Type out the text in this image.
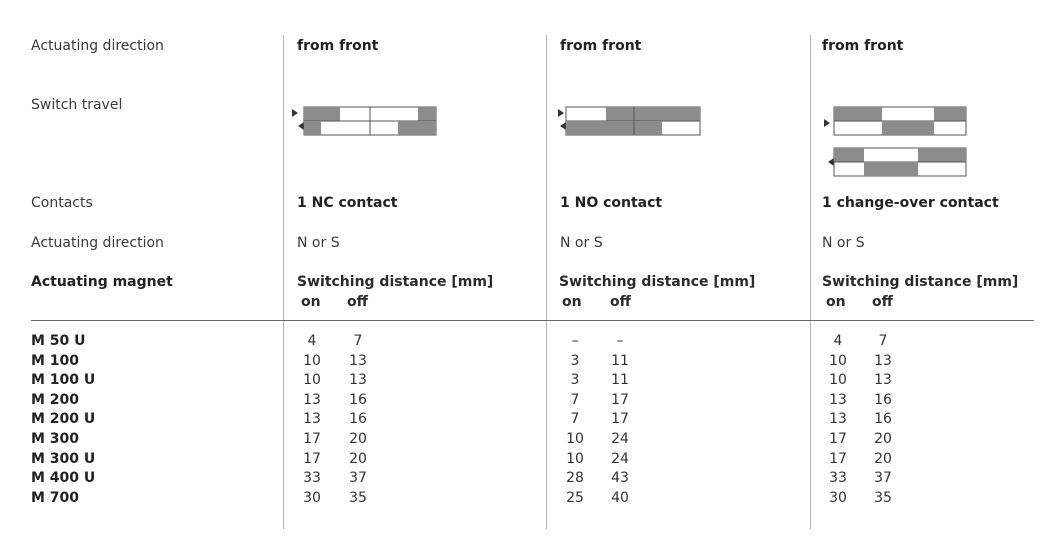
Actuating direction
Switch travel
Contacts
Actuating direction
Actuating magnet
from front
1 NC contact
N or S
Switching distance [mm]
on off
from front
1 NO contact
N or S
Switching distance [mm]
on off
from front
1 change-over contact
N or S
Switching distance [mm]
on off
M 50 U
M 100
M 100 U
M 200
M 200 U
M 300
M 300 U
M 400 U
M 700
4
10
10
13
13
17
17
33
30
7
13
13
16
16
20
20
37
35
–
3
3
7
7
10
10
28
25
–
11
11
17
17
24
24
43
40
4
10
10
13
13
17
17
33
30
7
13
13
16
16
20
20
37
35
